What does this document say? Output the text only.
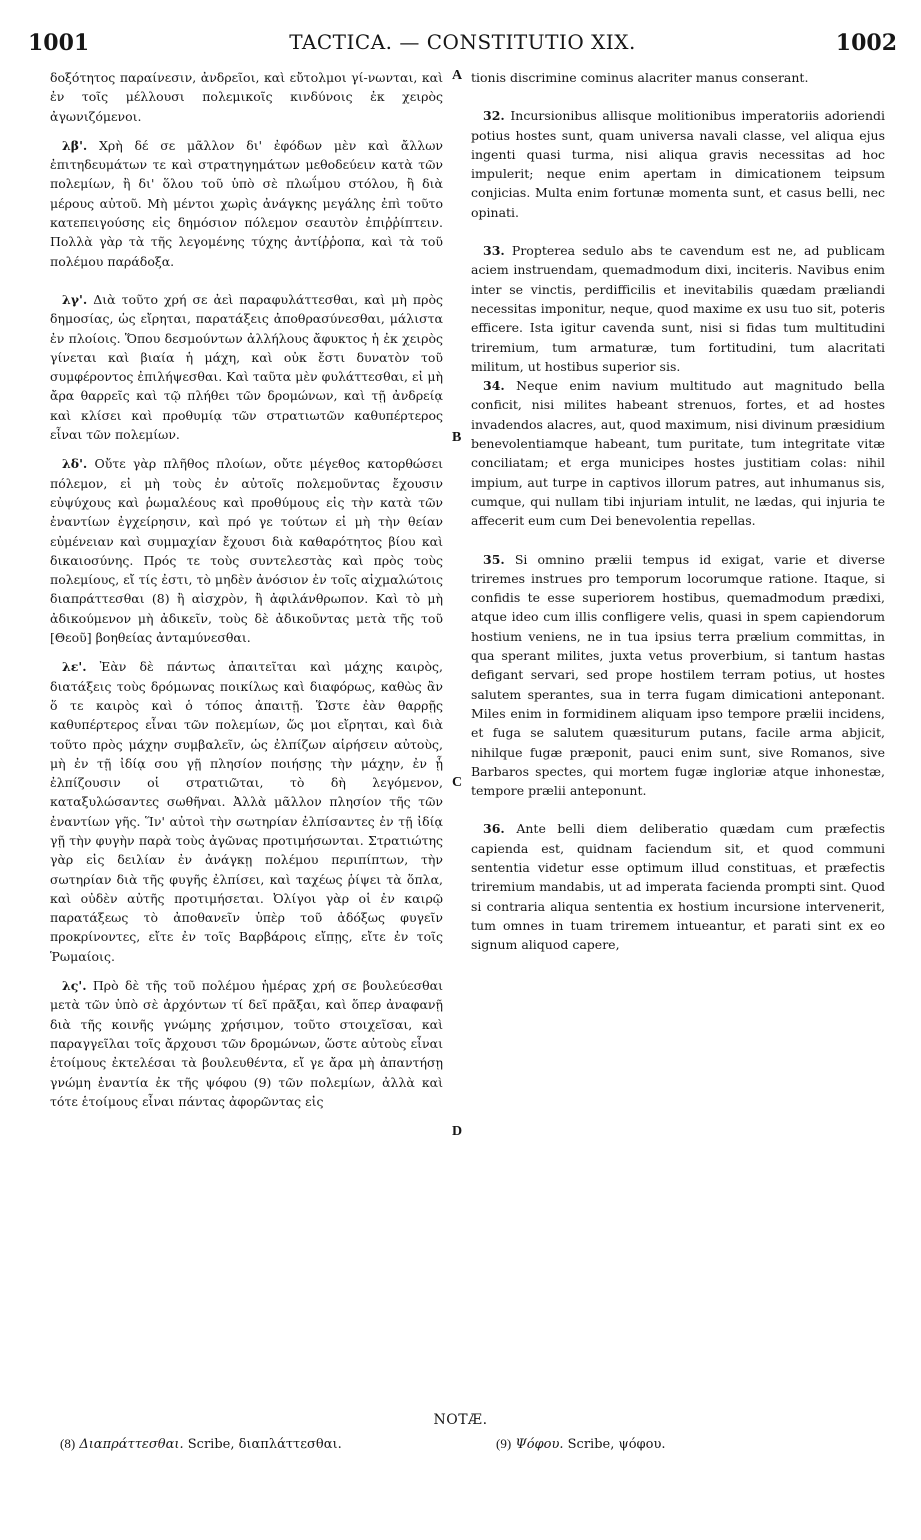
1001	TACTICA. — CONSTITUTIO XIX.	1002

δοξότητος παραίνεσιν, ἀνδρεῖοι, καὶ εὔτολμοι γί-νωνται, καὶ ἐν τοῖς μέλλουσι πολεμικοῖς κινδύνοις ἐκ χειρὸς ἀγωνιζόμενοι.

λβ'. Χρὴ δέ σε μᾶλλον δι' ἐφόδων μὲν καὶ ἄλλων ἐπιτηδευμάτων τε καὶ στρατηγημάτων μεθοδεύειν κατὰ τῶν πολεμίων, ἢ δι' ὅλου τοῦ ὑπὸ σὲ πλωΐμου στόλου, ἢ διὰ μέρους αὐτοῦ. Μὴ μέντοι χωρὶς ἀνάγκης μεγάλης ἐπὶ τοῦτο κατεπειγούσης εἰς δημόσιον πόλεμον σεαυτὸν ἐπιῤῥίπτειν. Πολλὰ γὰρ τὰ τῆς λεγομένης τύχης ἀντίῤῥοπα, καὶ τὰ τοῦ πολέμου παράδοξα.

λγ'. Διὰ τοῦτο χρή σε ἀεὶ παραφυλάττεσθαι, καὶ μὴ πρὸς δημοσίας, ὡς εἴρηται, παρατάξεις ἀποθρασύνεσθαι, μάλιστα ἐν πλοίοις. Ὅπου δεσμούντων ἀλλήλους ἄφυκτος ἡ ἐκ χειρὸς γίνεται καὶ βιαία ἡ μάχη, καὶ οὐκ ἔστι δυνατὸν τοῦ συμφέροντος ἐπιλήψεσθαι. Καὶ ταῦτα μὲν φυλάττεσθαι, εἰ μὴ ἄρα θαρρεῖς καὶ τῷ πλήθει τῶν δρομώνων, καὶ τῇ ἀνδρείᾳ καὶ κλίσει καὶ προθυμίᾳ τῶν στρατιωτῶν καθυπέρτερος εἶναι τῶν πολεμίων.

λδ'. Οὔτε γὰρ πλῆθος πλοίων, οὔτε μέγεθος κατορθώσει πόλεμον, εἰ μὴ τοὺς ἐν αὐτοῖς πολεμοῦντας ἔχουσιν εὐψύχους καὶ ῥωμαλέους καὶ προθύμους εἰς τὴν κατὰ τῶν ἐναντίων ἐγχείρησιν, καὶ πρό γε τούτων εἰ μὴ τὴν θείαν εὐμένειαν καὶ συμμαχίαν ἔχουσι διὰ καθαρότητος βίου καὶ δικαιοσύνης. Πρός τε τοὺς συντελεστὰς καὶ πρὸς τοὺς πολεμίους, εἴ τίς ἐστι, τὸ μηδὲν ἀνόσιον ἐν τοῖς αἰχμαλώτοις διαπράττεσθαι (8) ἢ αἰσχρὸν, ἢ ἀφιλάνθρωπον. Καὶ τὸ μὴ ἀδικούμενον μὴ ἀδικεῖν, τοὺς δὲ ἀδικοῦντας μετὰ τῆς τοῦ [Θεοῦ] βοηθείας ἀνταμύνεσθαι.

λε'. Ἐὰν δὲ πάντως ἀπαιτεῖται καὶ μάχης καιρὸς, διατάξεις τοὺς δρόμωνας ποικίλως καὶ διαφόρως, καθὼς ἂν ὅ τε καιρὸς καὶ ὁ τόπος ἀπαιτῇ. Ὥστε ἐὰν θαρρῇς καθυπέρτερος εἶναι τῶν πολεμίων, ὥς μοι εἴρηται, καὶ διὰ τοῦτο πρὸς μάχην συμβαλεῖν, ὡς ἐλπίζων αἱρήσειν αὐτοὺς, μὴ ἐν τῇ ἰδίᾳ σου γῇ πλησίον ποιήσῃς τὴν μάχην, ἐν ᾗ ἐλπίζουσιν οἱ στρατιῶται, τὸ δὴ λεγόμενον, καταξυλώσαντες σωθῆναι. Ἀλλὰ μᾶλλον πλησίον τῆς τῶν ἐναντίων γῆς. Ἵν' αὐτοὶ τὴν σωτηρίαν ἐλπίσαντες ἐν τῇ ἰδίᾳ γῇ τὴν φυγὴν παρὰ τοὺς ἀγῶνας προτιμήσωνται. Στρατιώτης γὰρ εἰς δειλίαν ἐν ἀνάγκῃ πολέμου περιπίπτων, τὴν σωτηρίαν διὰ τῆς φυγῆς ἐλπίσει, καὶ ταχέως ῥίψει τὰ ὅπλα, καὶ οὐδὲν αὐτῆς προτιμήσεται. Ὀλίγοι γὰρ οἱ ἐν καιρῷ παρατάξεως τὸ ἀποθανεῖν ὑπὲρ τοῦ ἀδόξως φυγεῖν προκρίνοντες, εἴτε ἐν τοῖς Βαρβάροις εἴπῃς, εἴτε ἐν τοῖς Ῥωμαίοις.

λς'. Πρὸ δὲ τῆς τοῦ πολέμου ἡμέρας χρή σε βουλεύεσθαι μετὰ τῶν ὑπὸ σὲ ἀρχόντων τί δεῖ πρᾶξαι, καὶ ὅπερ ἀναφανῇ διὰ τῆς κοινῆς γνώμης χρήσιμον, τοῦτο στοιχεῖσαι, καὶ παραγγεῖλαι τοῖς ἄρχουσι τῶν δρομώνων, ὥστε αὐτοὺς εἶναι ἑτοίμους ἐκτελέσαι τὰ βουλευθέντα, εἴ γε ἄρα μὴ ἀπαντήσῃ γνώμη ἐναντία ἐκ τῆς ψόφου (9) τῶν πολεμίων, ἀλλὰ καὶ τότε ἑτοίμους εἶναι πάντας ἀφορῶντας εἰς

A
B
C
D

tionis discrimine cominus alacriter manus conserant.

32. Incursionibus allisque molitionibus imperatoriis adoriendi potius hostes sunt, quam universa navali classe, vel aliqua ejus ingenti quasi turma, nisi aliqua gravis necessitas ad hoc impulerit; neque enim apertam in dimicationem teipsum conjicias. Multa enim fortunæ momenta sunt, et casus belli, nec opinati.

33. Propterea sedulo abs te cavendum est ne, ad publicam aciem instruendam, quemadmodum dixi, inciteris. Navibus enim inter se vinctis, perdifficilis et inevitabilis quædam præliandi necessitas imponitur, neque, quod maxime ex usu tuo sit, poteris efficere. Ista igitur cavenda sunt, nisi si fidas tum multitudini triremium, tum armaturæ, tum fortitudini, tum alacritati militum, ut hostibus superior sis.

34. Neque enim navium multitudo aut magnitudo bella conficit, nisi milites habeant strenuos, fortes, et ad hostes invadendos alacres, aut, quod maximum, nisi divinum præsidium benevolentiamque habeant, tum puritate, tum integritate vitæ conciliatam; et erga municipes hostes justitiam colas: nihil impium, aut turpe in captivos illorum patres, aut inhumanus sis, cumque, qui nullam tibi injuriam intulit, ne lædas, qui injuria te affecerit eum cum Dei benevolentia repellas.

35. Si omnino prælii tempus id exigat, varie et diverse triremes instrues pro temporum locorumque ratione. Itaque, si confidis te esse superiorem hostibus, quemadmodum prædixi, atque ideo cum illis confligere velis, quasi in spem capiendorum hostium veniens, ne in tua ipsius terra prælium committas, in qua sperant milites, juxta vetus proverbium, si tantum hastas defigant servari, sed prope hostilem terram potius, ut hostes salutem sperantes, sua in terra fugam dimicationi anteponant. Miles enim in formidinem aliquam ipso tempore prælii incidens, et fuga se salutem quæsiturum putans, facile arma abjicit, nihilque fugæ præponit, pauci enim sunt, sive Romanos, sive Barbaros spectes, qui mortem fugæ ingloriæ atque inhonestæ, tempore prælii anteponunt.

36. Ante belli diem deliberatio quædam cum præfectis capienda est, quidnam faciendum sit, et quod communi sententia videtur esse optimum illud constituas, et præfectis triremium mandabis, ut ad imperata facienda prompti sint. Quod si contraria aliqua sententia ex hostium incursione intervenerit, tum omnes in tuam triremem intueantur, et parati sint ex eo signum aliquod capere,

NOTÆ.
(8) Διαπράττεσθαι. Scribe, διαπλάττεσθαι.	(9) Ψόφου. Scribe, ψόφου.
